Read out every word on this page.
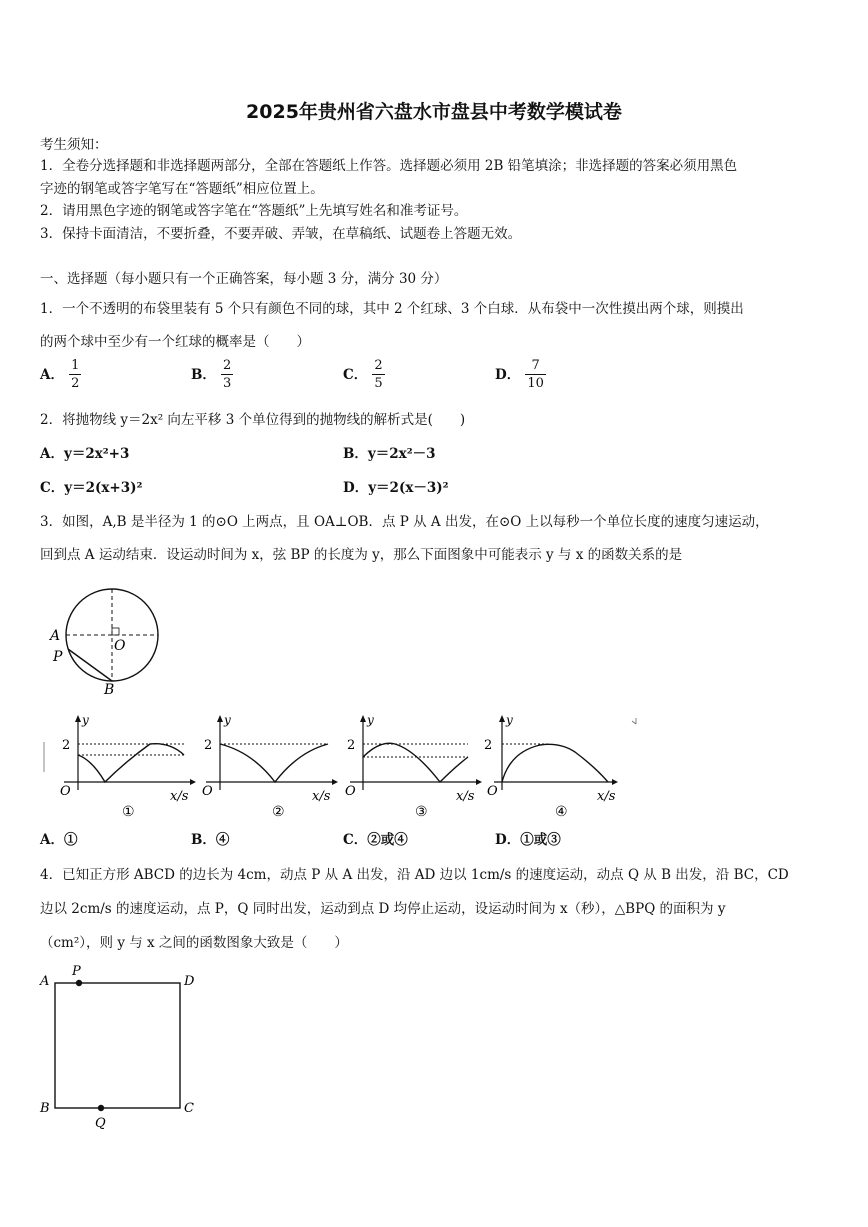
2025年贵州省六盘水市盘县中考数学模试卷
考生须知：
1．全卷分选择题和非选择题两部分，全部在答题纸上作答。选择题必须用 2B 铅笔填涂；非选择题的答案必须用黑色
字迹的钢笔或答字笔写在“答题纸”相应位置上。
2．请用黑色字迹的钢笔或答字笔在“答题纸”上先填写姓名和准考证号。
3．保持卡面清洁，不要折叠，不要弄破、弄皱，在草稿纸、试题卷上答题无效。
一、选择题（每小题只有一个正确答案，每小题 3 分，满分 30 分）
1．一个不透明的布袋里装有 5 个只有颜色不同的球，其中 2 个红球、3 个白球．从布袋中一次性摸出两个球，则摸出
的两个球中至少有一个红球的概率是（　　）
A． $\frac{1}{2}$	B． $\frac{2}{3}$	C． $\frac{2}{5}$	D． $\frac{7}{10}$
2．将抛物线 y＝2x² 向左平移 3 个单位得到的抛物线的解析式是(　　)
A．y＝2x²+3	B．y＝2x²－3
C．y＝2(x+3)²	D．y＝2(x－3)²
3．如图，A,B 是半径为 1 的⊙O 上两点，且 OA⊥OB．点 P 从 A 出发，在⊙O 上以每秒一个单位长度的速度匀速运动，
回到点 A 运动结束．设运动时间为 x，弦 BP 的长度为 y，那么下面图象中可能表示 y 与 x 的函数关系的是
A
O
P
B
y
2
O	x/s
①
y
2
O	x/s
②
y
2
O	x/s
③
y
2
O	x/s
④
A．①	B．④	C．②或④	D．①或③
4．已知正方形 ABCD 的边长为 4cm，动点 P 从 A 出发，沿 AD 边以 1cm/s 的速度运动，动点 Q 从 B 出发，沿 BC，CD
边以 2cm/s 的速度运动，点 P，Q 同时出发，运动到点 D 均停止运动，设运动时间为 x（秒），△BPQ 的面积为 y
（cm²），则 y 与 x 之间的函数图象大致是（　　）
A
P
D
B
Q
C
